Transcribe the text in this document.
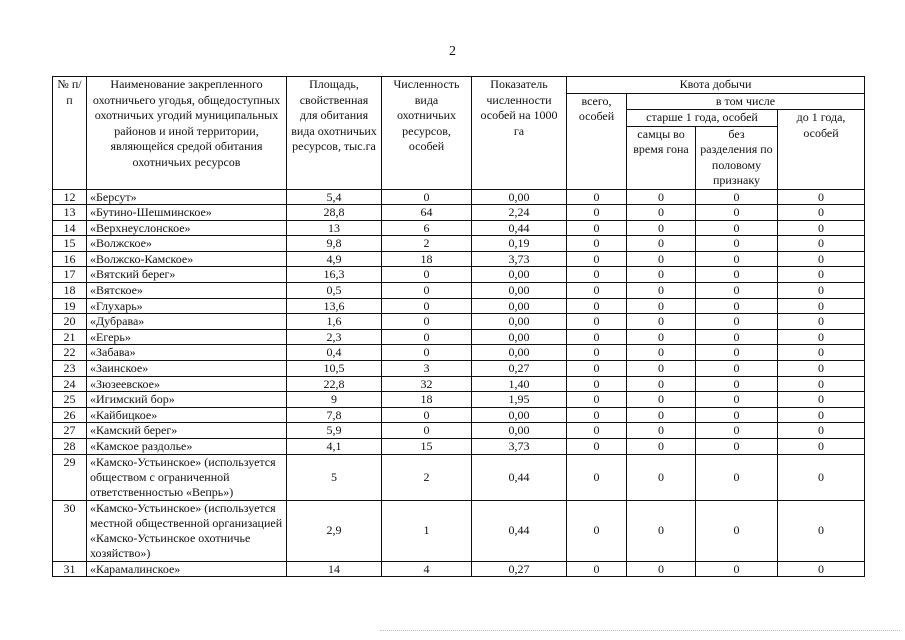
2
№ п/п	Наименование закрепленного охотничьего угодья, общедоступных охотничьих угодий муниципальных районов и иной территории, являющейся средой обитания охотничьих ресурсов	Площадь, свойственная для обитания вида охотничьих ресурсов, тыс.га	Численность вида охотничьих ресурсов, особей	Показатель численности особей на 1000 га	Квота добычи			
					всего, особей	в том числе		
						старше 1 года, особей		до 1 года, особей
						самцы во время гона	без разделения по половому признаку	
12	«Берсут»	5,4	0	0,00	0	0	0	0
13	«Бутино-Шешминское»	28,8	64	2,24	0	0	0	0
14	«Верхнеуслонское»	13	6	0,44	0	0	0	0
15	«Волжское»	9,8	2	0,19	0	0	0	0
16	«Волжско-Камское»	4,9	18	3,73	0	0	0	0
17	«Вятский берег»	16,3	0	0,00	0	0	0	0
18	«Вятское»	0,5	0	0,00	0	0	0	0
19	«Глухарь»	13,6	0	0,00	0	0	0	0
20	«Дубрава»	1,6	0	0,00	0	0	0	0
21	«Егерь»	2,3	0	0,00	0	0	0	0
22	«Забава»	0,4	0	0,00	0	0	0	0
23	«Заинское»	10,5	3	0,27	0	0	0	0
24	«Зюзеевское»	22,8	32	1,40	0	0	0	0
25	«Игимский бор»	9	18	1,95	0	0	0	0
26	«Кайбицкое»	7,8	0	0,00	0	0	0	0
27	«Камский берег»	5,9	0	0,00	0	0	0	0
28	«Камское раздолье»	4,1	15	3,73	0	0	0	0
29	«Камско-Устьинское» (используется обществом с ограниченной ответственностью «Вепрь»)	5	2	0,44	0	0	0	0
30	«Камско-Устьинское» (используется местной общественной организацией «Камско-Устьинское охотничье хозяйство»)	2,9	1	0,44	0	0	0	0
31	«Карамалинское»	14	4	0,27	0	0	0	0
